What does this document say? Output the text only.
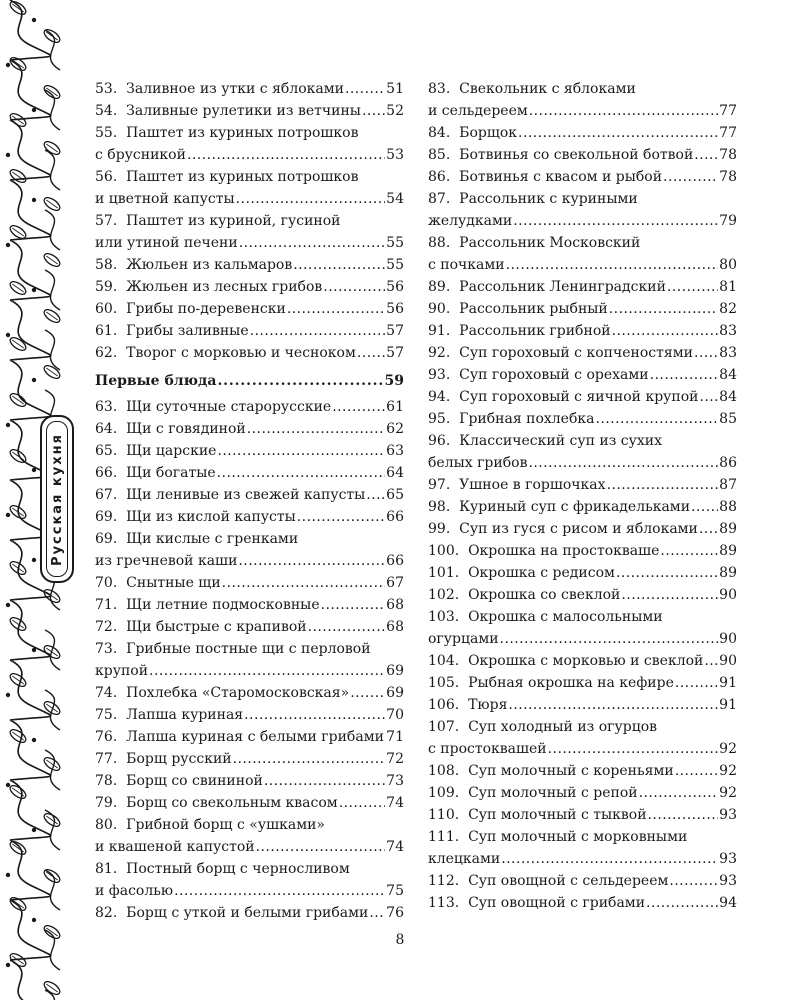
Русская кухня
53. Заливное из утки с яблоками . . .	51
54. Заливные рулетики из ветчины . . . 52
55. Паштет из куриных потрошков
с брусникой . . .	53
56. Паштет из куриных потрошков
и цветной капусты . . .	54
57. Паштет из куриной, гусиной
или утиной печени . . .	55
58. Жюльен из кальмаров . . .	55
59. Жюльен из лесных грибов . . .	56
60. Грибы по-деревенски . . .	56
61. Грибы заливные . . .	57
62. Творог с морковью и чесноком . . . 57
Первые блюда . . .	59
63. Щи суточные старорусские . . .	61
64. Щи с говядиной . . .	62
65. Щи царские . . .	63
66. Щи богатые . . .	64
67. Щи ленивые из свежей капусты . . . 65
69. Щи из кислой капусты . . .	66
69. Щи кислые с гренками
из гречневой каши . . .	66
70. Снытные щи . . .	67
71. Щи летние подмосковные . . .	68
72. Щи быстрые с крапивой . . .	68
73. Грибные постные щи с перловой
крупой . . .	69
74. Похлебка «Старомосковская» . . .	69
75. Лапша куриная . . .	70
76. Лапша куриная с белыми грибами . . . 71
77. Борщ русский . . .	72
78. Борщ со свининой . . .	73
79. Борщ со свекольным квасом . . .	74
80. Грибной борщ с «ушками»
и квашеной капустой . . .	74
81. Постный борщ с черносливом
и фасолью . . .	75
82. Борщ с уткой и белыми грибами . . . 76
83. Свекольник с яблоками
и сельдереем . . .	77
84. Борщок . . .	77
85. Ботвинья со свекольной ботвой . . . 78
86. Ботвинья с квасом и рыбой . . .	78
87. Рассольник с куриными
желудками . . .	79
88. Рассольник Московский
с почками . . .	80
89. Рассольник Ленинградский . . .	81
90. Рассольник рыбный . . .	82
91. Рассольник грибной . . .	83
92. Суп гороховый с копченостями . . . 83
93. Суп гороховый с орехами . . .	84
94. Суп гороховый с яичной крупой . . . 84
95. Грибная похлебка . . .	85
96. Классический суп из сухих
белых грибов . . .	86
97. Ушное в горшочках . . .	87
98. Куриный суп с фрикадельками . . . 88
99. Суп из гуся с рисом и яблоками . . . 89
100. Окрошка на простокваше . . .	89
101. Окрошка с редисом . . .	89
102. Окрошка со свеклой . . .	90
103. Окрошка с малосольными
огурцами . . .	90
104. Окрошка с морковью и свеклой . . . 90
105. Рыбная окрошка на кефире . . .	91
106. Тюря . . .	91
107. Суп холодный из огурцов
с простоквашей . . .	92
108. Суп молочный с кореньями . . .	92
109. Суп молочный с репой . . .	92
110. Суп молочный с тыквой . . .	93
111. Суп молочный с морковными
клецками . . .	93
112. Суп овощной с сельдереем . . .	93
113. Суп овощной с грибами . . .	94
8
